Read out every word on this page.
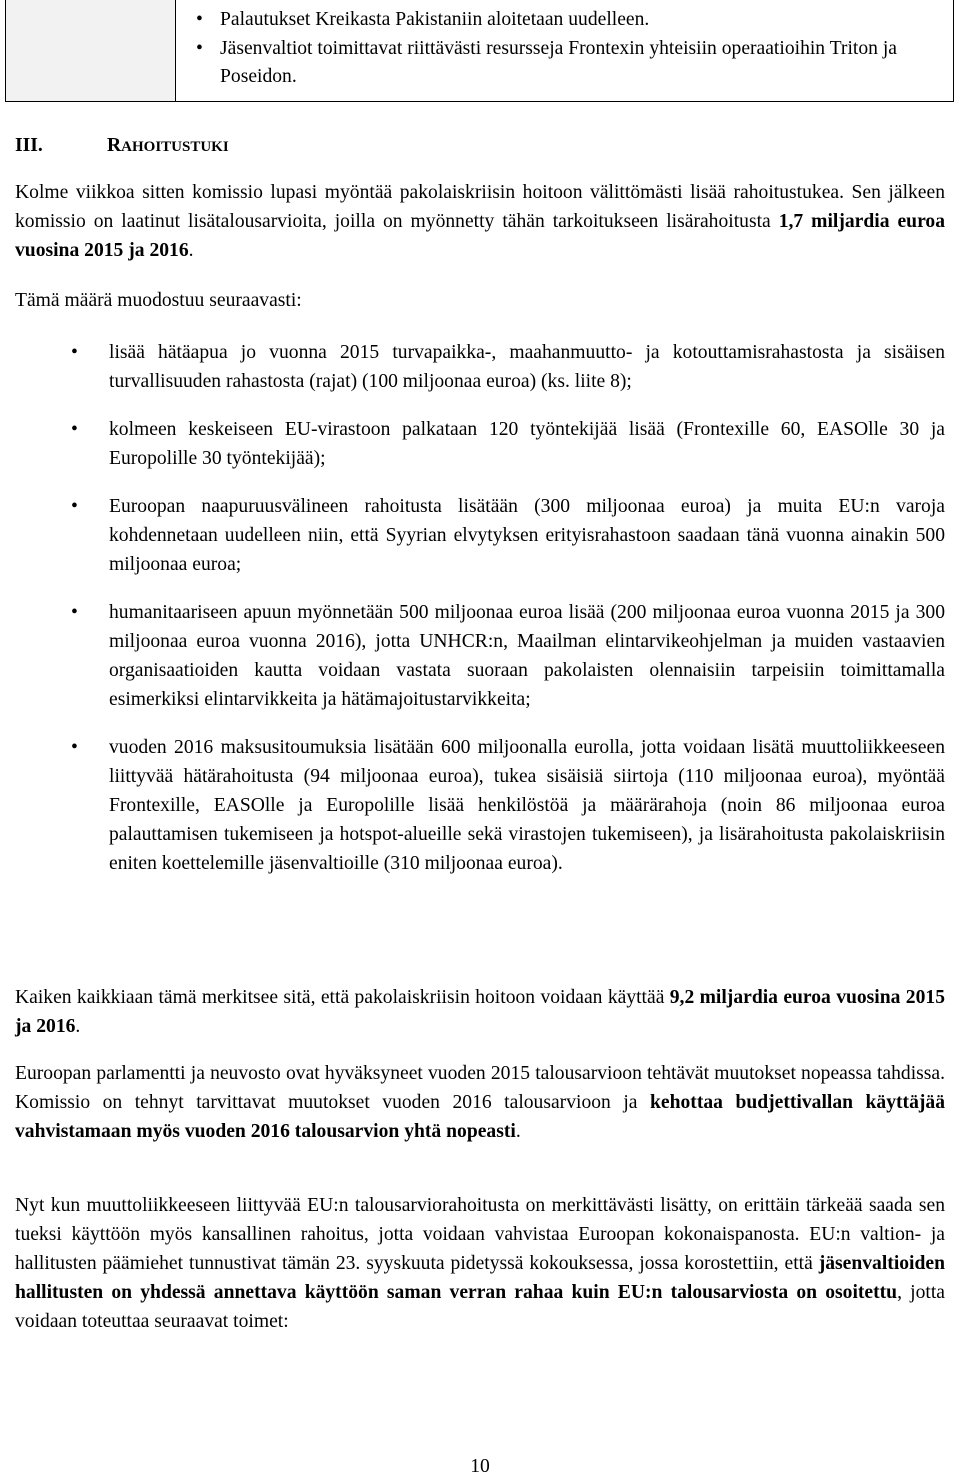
• Palautukset Kreikasta Pakistaniin aloitetaan uudelleen.
• Jäsenvaltiot toimittavat riittävästi resursseja Frontexin yhteisiin operaatioihin Triton ja Poseidon.
III.	RAHOITUSTUKI
Kolme viikkoa sitten komissio lupasi myöntää pakolaiskriisin hoitoon välittömästi lisää rahoitustukea. Sen jälkeen komissio on laatinut lisätalousarvioita, joilla on myönnetty tähän tarkoitukseen lisärahoitusta 1,7 miljardia euroa vuosina 2015 ja 2016.
Tämä määrä muodostuu seuraavasti:
• lisää hätäapua jo vuonna 2015 turvapaikka-, maahanmuutto- ja kotouttamisrahastosta ja sisäisen turvallisuuden rahastosta (rajat) (100 miljoonaa euroa) (ks. liite 8);
• kolmeen keskeiseen EU-virastoon palkataan 120 työntekijää lisää (Frontexille 60, EASOlle 30 ja Europolille 30 työntekijää);
• Euroopan naapuruusvälineen rahoitusta lisätään (300 miljoonaa euroa) ja muita EU:n varoja kohdennetaan uudelleen niin, että Syyrian elvytyksen erityisrahastoon saadaan tänä vuonna ainakin 500 miljoonaa euroa;
• humanitaariseen apuun myönnetään 500 miljoonaa euroa lisää (200 miljoonaa euroa vuonna 2015 ja 300 miljoonaa euroa vuonna 2016), jotta UNHCR:n, Maailman elintarvikeohjelman ja muiden vastaavien organisaatioiden kautta voidaan vastata suoraan pakolaisten olennaisiin tarpeisiin toimittamalla esimerkiksi elintarvikkeita ja hätämajoitustarvikkeita;
• vuoden 2016 maksusitoumuksia lisätään 600 miljoonalla eurolla, jotta voidaan lisätä muuttoliikkeeseen liittyvää hätärahoitusta (94 miljoonaa euroa), tukea sisäisiä siirtoja (110 miljoonaa euroa), myöntää Frontexille, EASOlle ja Europolille lisää henkilöstöä ja määrärahoja (noin 86 miljoonaa euroa palauttamisen tukemiseen ja hotspot-alueille sekä virastojen tukemiseen), ja lisärahoitusta pakolaiskriisin eniten koettelemille jäsenvaltioille (310 miljoonaa euroa).
Kaiken kaikkiaan tämä merkitsee sitä, että pakolaiskriisin hoitoon voidaan käyttää 9,2 miljardia euroa vuosina 2015 ja 2016.
Euroopan parlamentti ja neuvosto ovat hyväksyneet vuoden 2015 talousarvioon tehtävät muutokset nopeassa tahdissa. Komissio on tehnyt tarvittavat muutokset vuoden 2016 talousarvioon ja kehottaa budjettivallan käyttäjää vahvistamaan myös vuoden 2016 talousarvion yhtä nopeasti.
Nyt kun muuttoliikkeeseen liittyvää EU:n talousarviorahoitusta on merkittävästi lisätty, on erittäin tärkeää saada sen tueksi käyttöön myös kansallinen rahoitus, jotta voidaan vahvistaa Euroopan kokonaispanosta. EU:n valtion- ja hallitusten päämiehet tunnustivat tämän 23. syyskuuta pidetyssä kokouksessa, jossa korostettiin, että jäsenvaltioiden hallitusten on yhdessä annettava käyttöön saman verran rahaa kuin EU:n talousarviosta on osoitettu, jotta voidaan toteuttaa seuraavat toimet:
10
